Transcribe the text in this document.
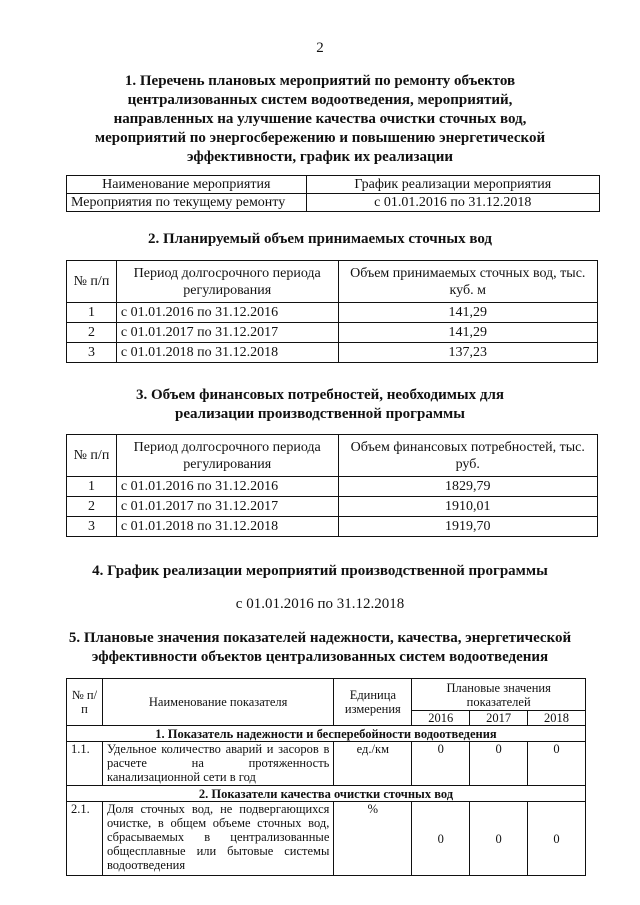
2
1. Перечень плановых мероприятий по ремонту объектов
централизованных систем водоотведения, мероприятий,
направленных на улучшение качества очистки сточных вод,
мероприятий по энергосбережению и повышению энергетической
эффективности, график их реализации
Наименование мероприятия	График реализации мероприятия
Мероприятия по текущему ремонту	с 01.01.2016 по 31.12.2018
2. Планируемый объем принимаемых сточных вод
№ п/п	Период долгосрочного периода регулирования	Объем принимаемых сточных вод, тыс. куб. м
1	с 01.01.2016 по 31.12.2016	141,29
2	с 01.01.2017 по 31.12.2017	141,29
3	с 01.01.2018 по 31.12.2018	137,23
3. Объем финансовых потребностей, необходимых для
реализации производственной программы
№ п/п	Период долгосрочного периода регулирования	Объем финансовых потребностей, тыс. руб.
1	с 01.01.2016 по 31.12.2016	1829,79
2	с 01.01.2017 по 31.12.2017	1910,01
3	с 01.01.2018 по 31.12.2018	1919,70
4. График реализации мероприятий производственной программы
с 01.01.2016 по 31.12.2018
5. Плановые значения показателей надежности, качества, энергетической
эффективности объектов централизованных систем водоотведения
№ п/п	Наименование показателя	Единица измерения	Плановые значения показателей		
			2016	2017	2018
1. Показатель надежности и бесперебойности водоотведения					
1.1.	Удельное количество аварий и засоров в расчете на протяженность канализационной сети в год	ед./км	0	0	0
2. Показатели качества очистки сточных вод					
2.1.	Доля сточных вод, не подвергающихся очистке, в общем объеме сточных вод, сбрасываемых в централизованные общесплавные или бытовые системы водоотведения	%	0	0	0
